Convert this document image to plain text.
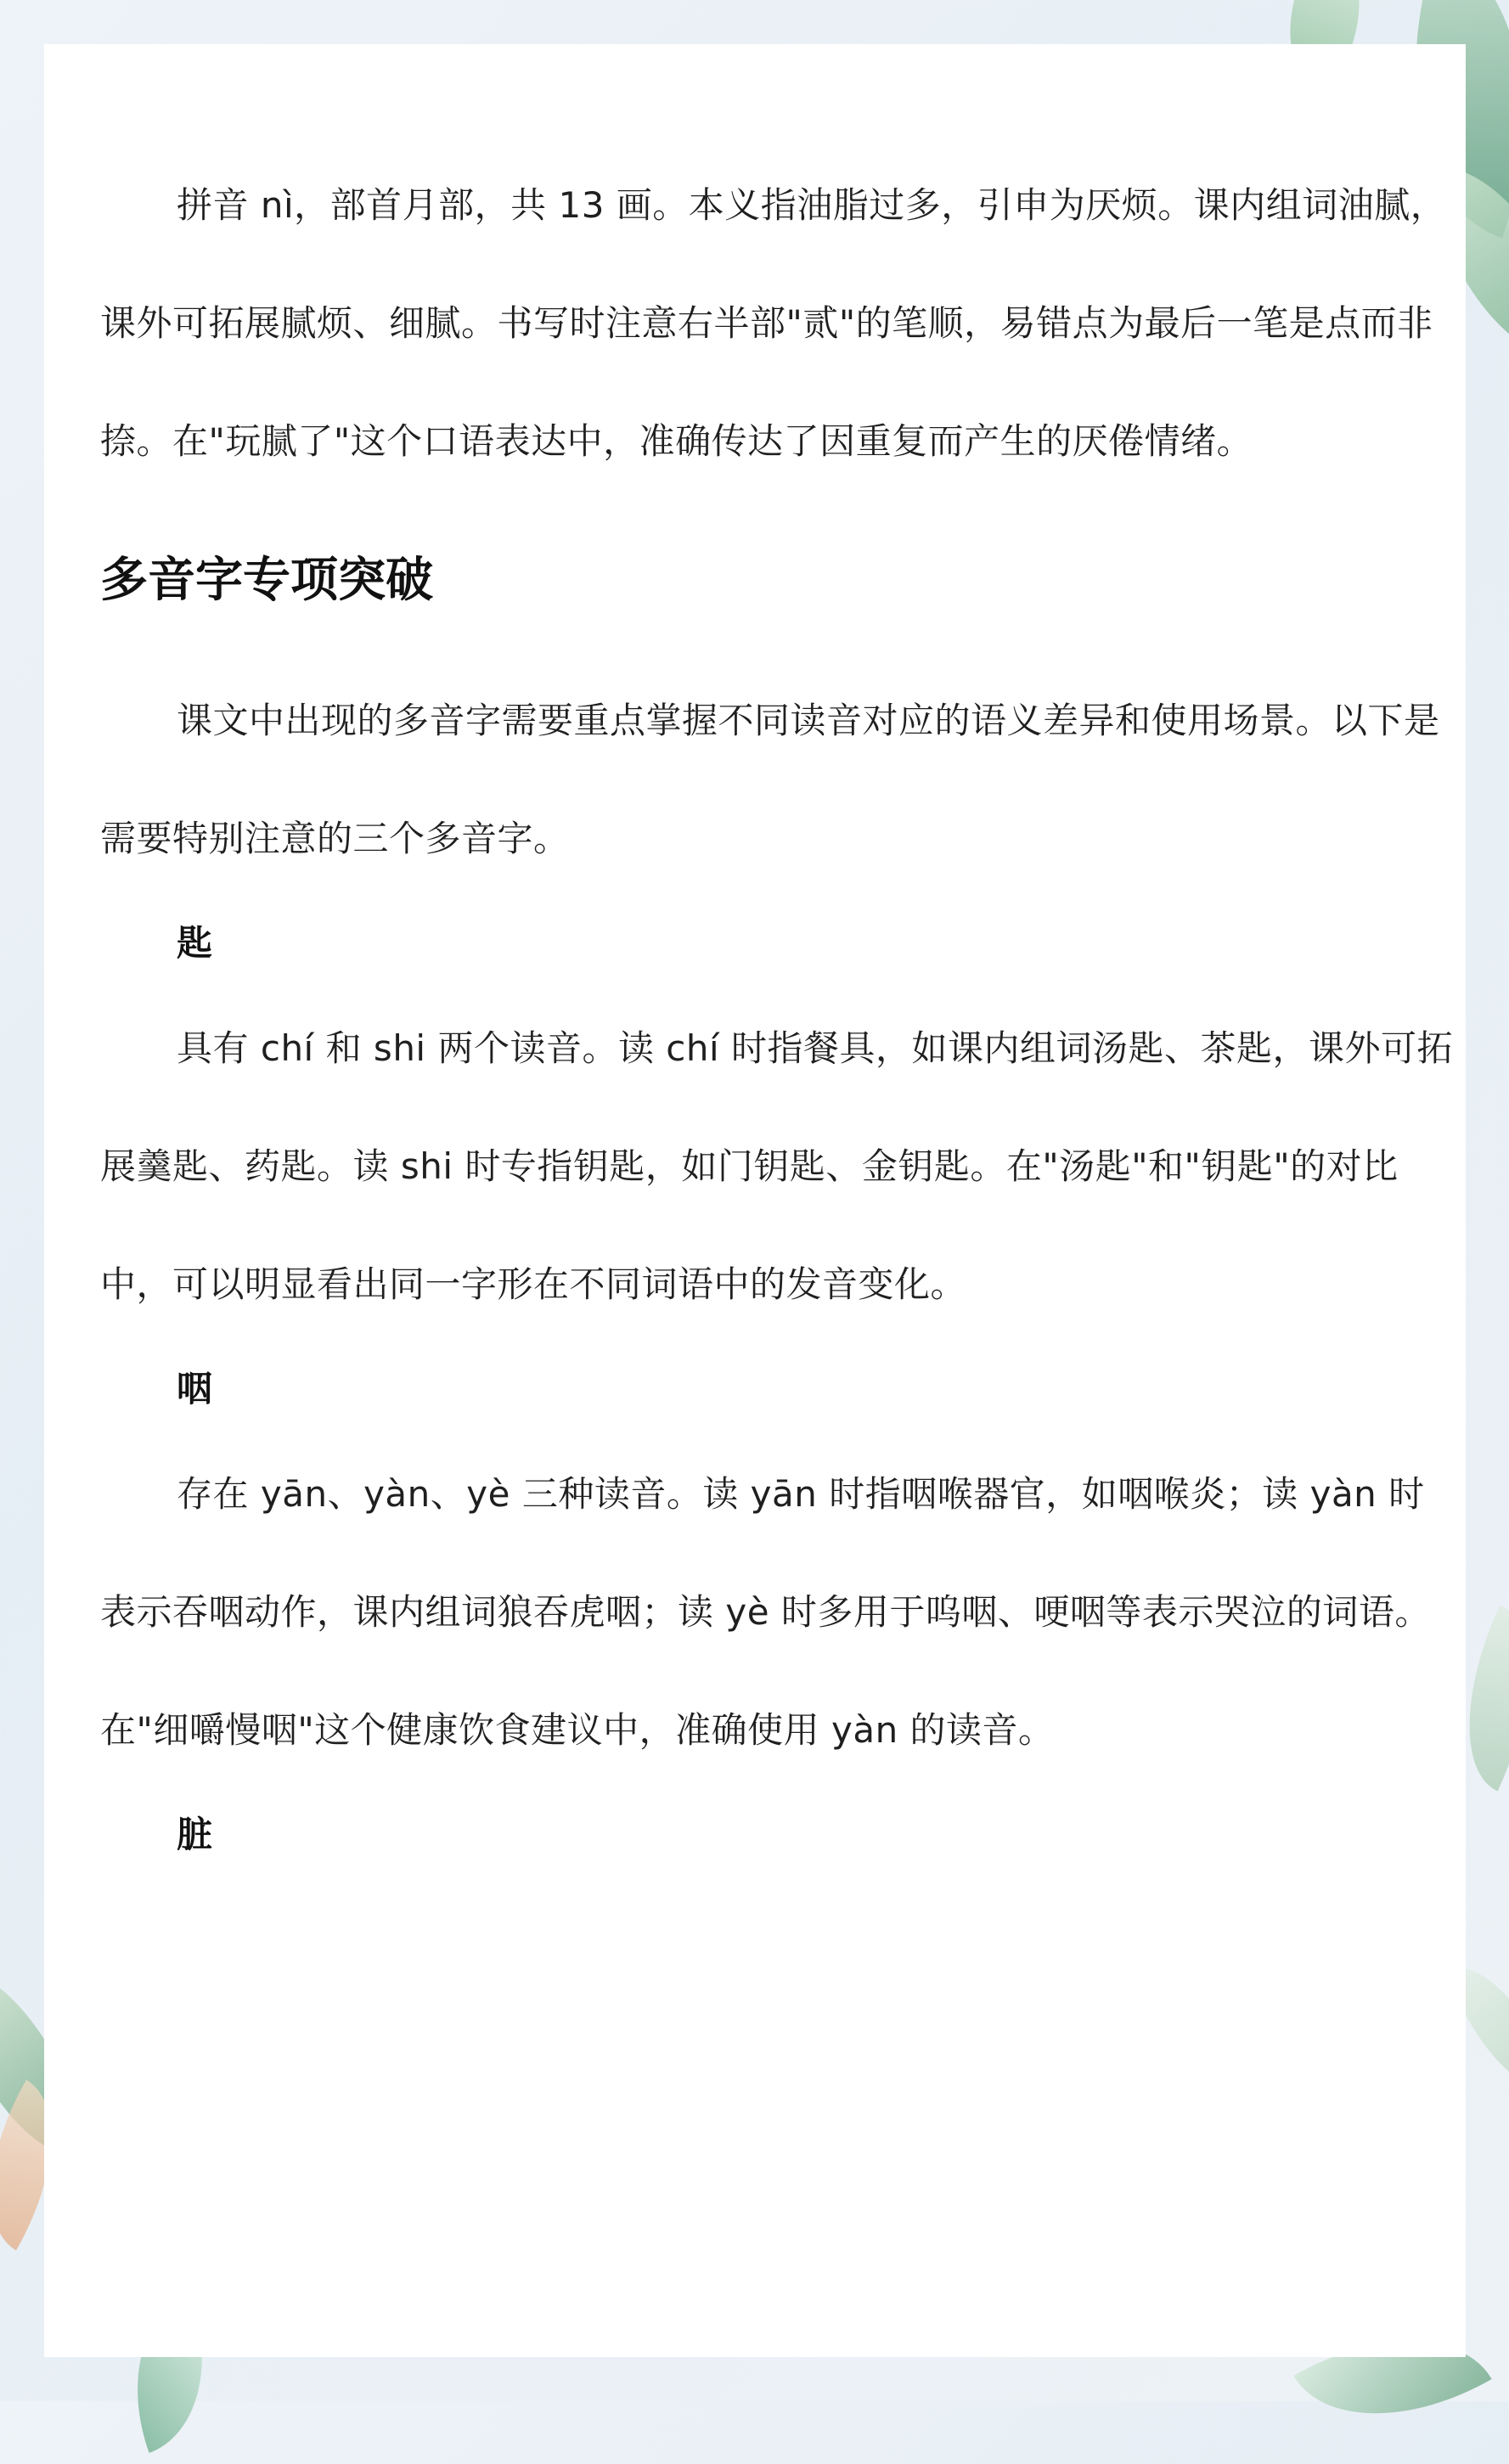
拼音 nì，部首月部，共 13 画。本义指油脂过多，引申为厌烦。课内组词油腻，课外可拓展腻烦、细腻。书写时注意右半部"贰"的笔顺，易错点为最后一笔是点而非捺。在"玩腻了"这个口语表达中，准确传达了因重复而产生的厌倦情绪。

多音字专项突破

课文中出现的多音字需要重点掌握不同读音对应的语义差异和使用场景。以下是需要特别注意的三个多音字。

匙

具有 chí 和 shi 两个读音。读 chí 时指餐具，如课内组词汤匙、茶匙，课外可拓展羹匙、药匙。读 shi 时专指钥匙，如门钥匙、金钥匙。在"汤匙"和"钥匙"的对比中，可以明显看出同一字形在不同词语中的发音变化。

咽

存在 yān、yàn、yè 三种读音。读 yān 时指咽喉器官，如咽喉炎；读 yàn 时表示吞咽动作，课内组词狼吞虎咽；读 yè 时多用于呜咽、哽咽等表示哭泣的词语。在"细嚼慢咽"这个健康饮食建议中，准确使用 yàn 的读音。

脏
